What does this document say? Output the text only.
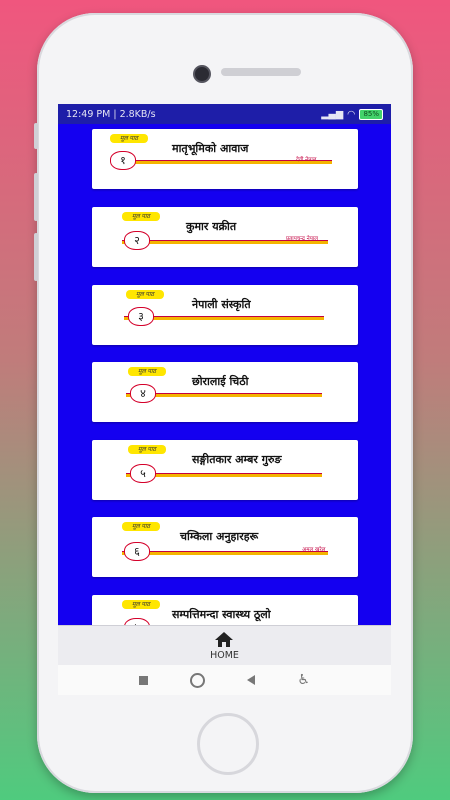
12:49 PM | 2.8KB/s	▂▄▆ ◠	85%
मूल पाठ
मातृभूमिको आवाज
१	देवी नेपाल
मूल पाठ
कुमार यक्रीत
२	प्रतापचन्द्र नेपाल
मूल पाठ
नेपाली संस्कृति
३
मूल पाठ
छोरालाई चिठी
४
मूल पाठ
सङ्गीतकार अम्बर गुरुङ
५
मूल पाठ
चम्किला अनुहारहरू
६	अमल खरेल
मूल पाठ
सम्पत्तिमन्दा स्वास्थ्य ठूलो
HOME
♿
